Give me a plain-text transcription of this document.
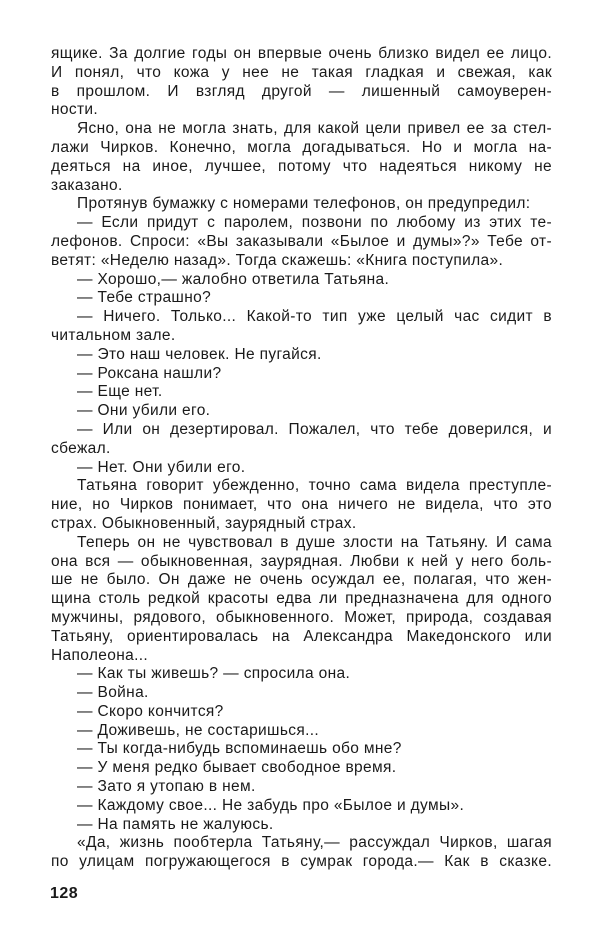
ящике. За долгие годы он впервые очень близко видел ее лицо.
И понял, что кожа у нее не такая гладкая и свежая, как
в прошлом. И взгляд другой — лишенный самоуверен-
ности.
Ясно, она не могла знать, для какой цели привел ее за стел-
лажи Чирков. Конечно, могла догадываться. Но и могла на-
деяться на иное, лучшее, потому что надеяться никому не
заказано.
Протянув бумажку с номерами телефонов, он предупредил:
— Если придут с паролем, позвони по любому из этих те-
лефонов. Спроси: «Вы заказывали «Былое и думы»?» Тебе от-
ветят: «Неделю назад». Тогда скажешь: «Книга поступила».
— Хорошо,— жалобно ответила Татьяна.
— Тебе страшно?
— Ничего. Только... Какой-то тип уже целый час сидит в
читальном зале.
— Это наш человек. Не пугайся.
— Роксана нашли?
— Еще нет.
— Они убили его.
— Или он дезертировал. Пожалел, что тебе доверился, и
сбежал.
— Нет. Они убили его.
Татьяна говорит убежденно, точно сама видела преступле-
ние, но Чирков понимает, что она ничего не видела, что это
страх. Обыкновенный, заурядный страх.
Теперь он не чувствовал в душе злости на Татьяну. И сама
она вся — обыкновенная, заурядная. Любви к ней у него боль-
ше не было. Он даже не очень осуждал ее, полагая, что жен-
щина столь редкой красоты едва ли предназначена для одного
мужчины, рядового, обыкновенного. Может, природа, создавая
Татьяну, ориентировалась на Александра Македонского или
Наполеона...
— Как ты живешь? — спросила она.
— Война.
— Скоро кончится?
— Доживешь, не состаришься...
— Ты когда-нибудь вспоминаешь обо мне?
— У меня редко бывает свободное время.
— Зато я утопаю в нем.
— Каждому свое... Не забудь про «Былое и думы».
— На память не жалуюсь.
«Да, жизнь пообтерла Татьяну,— рассуждал Чирков, шагая
по улицам погружающегося в сумрак города.— Как в сказке.
128
